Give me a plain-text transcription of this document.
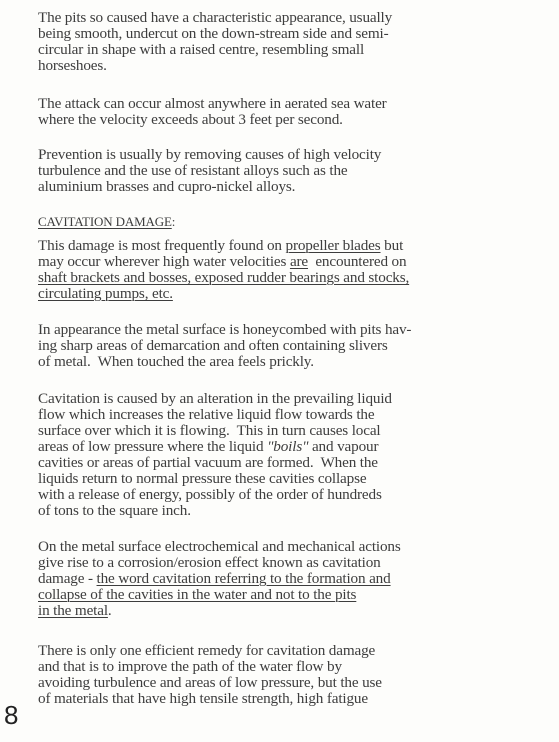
The pits so caused have a characteristic appearance, usually
being smooth, undercut on the down-stream side and semi-
circular in shape with a raised centre, resembling small
horseshoes.
The attack can occur almost anywhere in aerated sea water
where the velocity exceeds about 3 feet per second.
Prevention is usually by removing causes of high velocity
turbulence and the use of resistant alloys such as the
aluminium brasses and cupro-nickel alloys.
CAVITATION DAMAGE:
This damage is most frequently found on propeller blades but
may occur wherever high water velocities are  encountered on
shaft brackets and bosses, exposed rudder bearings and stocks,
circulating pumps, etc.
In appearance the metal surface is honeycombed with pits hav-
ing sharp areas of demarcation and often containing slivers
of metal.  When touched the area feels prickly.
Cavitation is caused by an alteration in the prevailing liquid
flow which increases the relative liquid flow towards the
surface over which it is flowing.  This in turn causes local
areas of low pressure where the liquid "boils" and vapour
cavities or areas of partial vacuum are formed.  When the
liquids return to normal pressure these cavities collapse
with a release of energy, possibly of the order of hundreds
of tons to the square inch.
On the metal surface electrochemical and mechanical actions
give rise to a corrosion/erosion effect known as cavitation
damage - the word cavitation referring to the formation and
collapse of the cavities in the water and not to the pits
in the metal.
There is only one efficient remedy for cavitation damage
and that is to improve the path of the water flow by
avoiding turbulence and areas of low pressure, but the use
of materials that have high tensile strength, high fatigue
8
